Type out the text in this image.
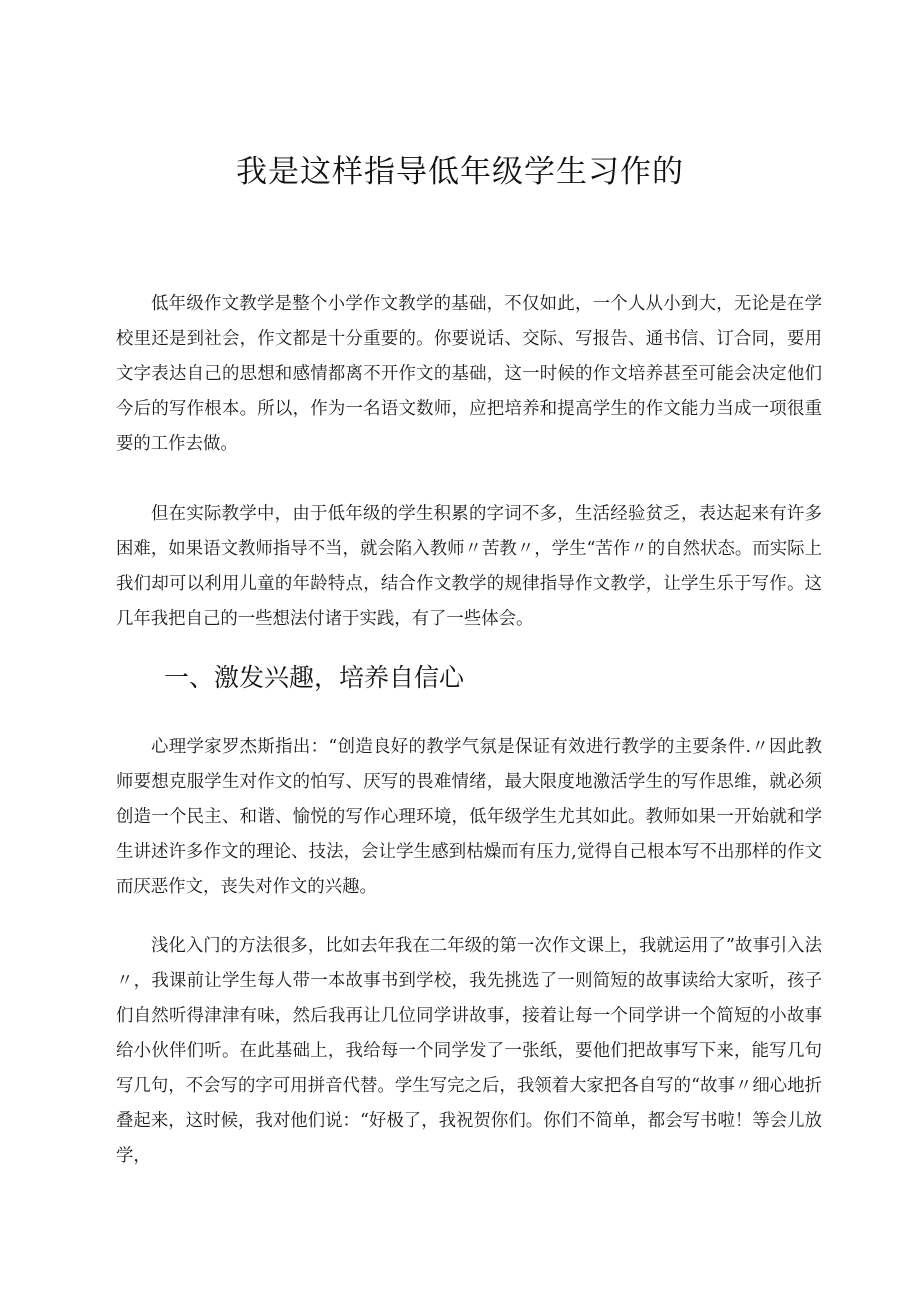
我是这样指导低年级学生习作的

低年级作文教学是整个小学作文教学的基础，不仅如此，一个人从小到大，无论是在学校里还是到社会，作文都是十分重要的。你要说话、交际、写报告、通书信、订合同，要用文字表达自己的思想和感情都离不开作文的基础，这一时候的作文培养甚至可能会决定他们今后的写作根本。所以，作为一名语文数师，应把培养和提高学生的作文能力当成一项很重要的工作去做。

但在实际教学中，由于低年级的学生积累的字词不多，生活经验贫乏，表达起来有许多困难，如果语文教师指导不当，就会陷入教师〃苦教〃，学生“苦作〃的自然状态。而实际上我们却可以利用儿童的年龄特点，结合作文教学的规律指导作文教学，让学生乐于写作。这几年我把自己的一些想法付诸于实践，有了一些体会。

一、激发兴趣，培养自信心

心理学家罗杰斯指出：“创造良好的教学气氛是保证有效进行教学的主要条件.〃因此教师要想克服学生对作文的怕写、厌写的畏难情绪，最大限度地激活学生的写作思维，就必须创造一个民主、和谐、愉悦的写作心理环境，低年级学生尤其如此。教师如果一开始就和学生讲述许多作文的理论、技法，会让学生感到枯燥而有压力,觉得自己根本写不出那样的作文而厌恶作文，丧失对作文的兴趣。

浅化入门的方法很多，比如去年我在二年级的第一次作文课上，我就运用了”故事引入法〃，我课前让学生每人带一本故事书到学校，我先挑选了一则简短的故事读给大家听，孩子们自然听得津津有味，然后我再让几位同学讲故事，接着让每一个同学讲一个简短的小故事给小伙伴们听。在此基础上，我给每一个同学发了一张纸，要他们把故事写下来，能写几句写几句，不会写的字可用拼音代替。学生写完之后，我领着大家把各自写的“故事〃细心地折叠起来，这时候，我对他们说：“好极了，我祝贺你们。你们不简单，都会写书啦！等会儿放学，
